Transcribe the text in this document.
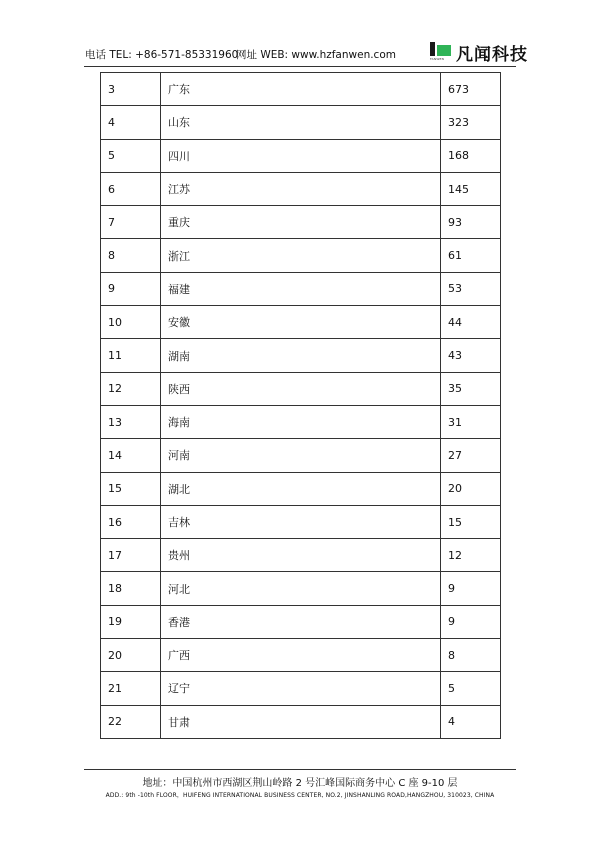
电话 TEL: +86-571-85331960
网址 WEB: www.hzfanwen.com	FANWEN 凡闻科技
3	广东	673
4	山东	323
5	四川	168
6	江苏	145
7	重庆	93
8	浙江	61
9	福建	53
10	安徽	44
11	湖南	43
12	陕西	35
13	海南	31
14	河南	27
15	湖北	20
16	吉林	15
17	贵州	12
18	河北	9
19	香港	9
20	广西	8
21	辽宁	5
22	甘肃	4
地址：中国杭州市西湖区荆山岭路 2 号汇峰国际商务中心 C 座 9-10 层
ADD.: 9th -10th FLOOR，HUIFENG INTERNATIONAL BUSINESS CENTER, NO.2, JINSHANLING ROAD,HANGZHOU, 310023, CHINA
